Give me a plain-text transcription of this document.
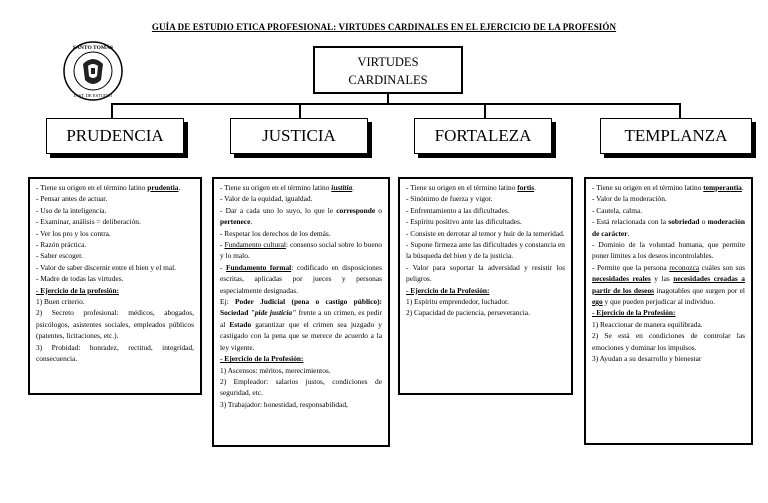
GUÍA DE ESTUDIO ETICA PROFESIONAL: VIRTUDES CARDINALES EN EL EJERCICIO DE LA PROFESIÓN
SANTO TOMÁS
INST. DE ESTUDIO
VIRTUDES
CARDINALES
PRUDENCIA	JUSTICIA	FORTALEZA	TEMPLANZA

- Tiene su origen en el término latino prudentia.

- Pensar antes de actuar.

- Uso de la inteligencia.

- Examinar, análisis = deliberación.

- Ver los pro y los contra.

- Razón práctica.

- Saber escoger.

- Valor de saber discernir entre el bien y el mal.

- Madre de todas las virtudes.

- Ejercicio de la profesión:

1) Buen criterio.

2) Secreto profesional: médicos, abogados, psicólogos, asistentes sociales, empleados públicos (patentes, licitaciones, etc.).

3) Probidad: honradez, rectitud, integridad, consecuencia.

- Tiene su origen en el término latino iustitia.

- Valor de la equidad, igualdad.

- Dar a cada uno lo suyo, lo que le corresponde o pertenece.

- Respetar los derechos de los demás.

- Fundamento cultural: consenso social sobre lo bueno y lo malo.

- Fundamento formal: codificado en disposiciones escritas, aplicadas por jueces y personas especialmente designadas.

Ej: Poder Judicial (pena o castigo público): Sociedad "pide justicia" frente a un crimen, es pedir al Estado garantizar que el crimen sea juzgado y castigado con la pena que se merece de acuerdo a la ley vigente.

- Ejercicio de la Profesión:

1) Ascensos: méritos, merecimientos.

2) Empleador: salarios justos, condiciones de seguridad, etc.

3) Trabajador: honestidad, responsabilidad,

- Tiene su origen en el término latino fortis.

- Sinónimo de fuerza y vigor.

- Enfrentamiento a las dificultades.

- Espíritu positivo ante las dificultades.

- Consiste en derrotar al temor y huir de la temeridad.

- Supone firmeza ante las dificultades y constancia en la búsqueda del bien y de la justicia.

- Valor para soportar la adversidad y resistir los peligros.

- Ejercicio de la Profesión:

1) Espíritu emprendedor, luchador.

2) Capacidad de paciencia, perseverancia.

- Tiene su origen en el término latino temperantia.

- Valor de la moderación.

- Cautela, calma.

- Está relacionada con la sobriedad o moderación de carácter.

- Dominio de la voluntad humana, que permite poner límites a los deseos incontrolables.

- Permite que la persona reconozca cuáles son sus necesidades reales y las necesidades creadas a partir de los deseos inagotables que surgen por el ego y que pueden perjudicar al individuo.

- Ejercicio de la Profesión:

1) Reaccionar de manera equilibrada.

2) Se está en condiciones de controlar las emociones y dominar los impulsos.

3) Ayudan a su desarrollo y bienestar
